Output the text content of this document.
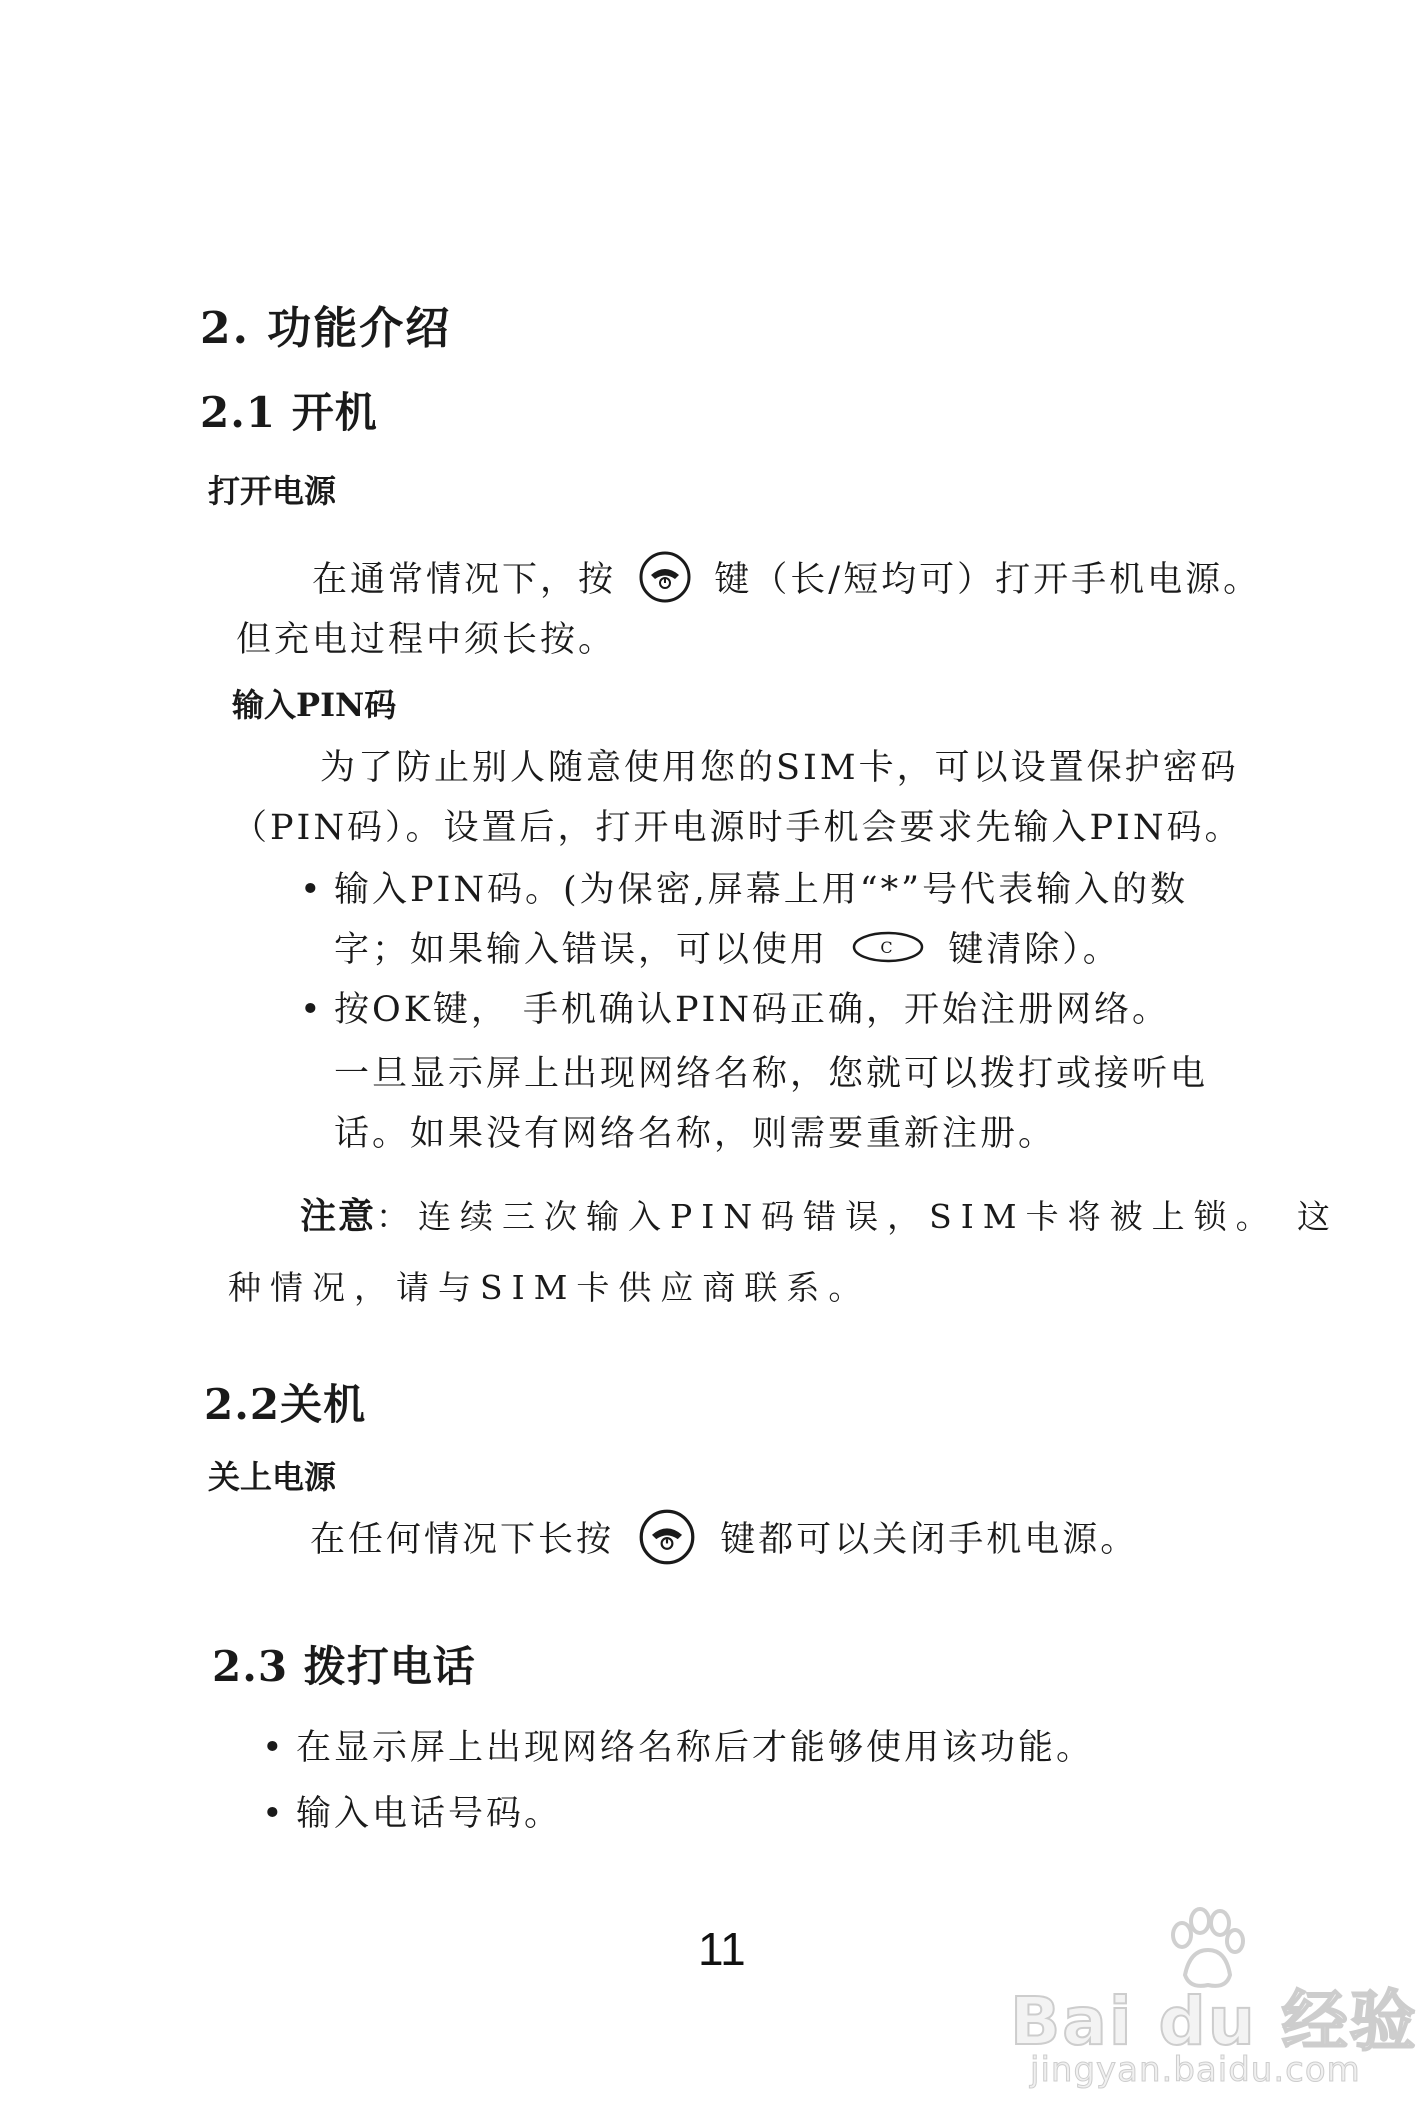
2. 功能介绍
2.1 开机
打开电源
在通常情况下，按	键（长/短均可）打开手机电源。
但充电过程中须长按。
输入PIN码
为了防止别人随意使用您的SIM卡，可以设置保护密码
（PIN码）。设置后，打开电源时手机会要求先输入PIN码。
• 输入PIN码。(为保密,屏幕上用“*”号代表输入的数
字；如果输入错误，可以使用	C 键清除）。
• 按OK键， 手机确认PIN码正确，开始注册网络。
一旦显示屏上出现网络名称，您就可以拨打或接听电
话。如果没有网络名称，则需要重新注册。
注意：连续三次输入PIN码错误，SIM卡将被上锁。 这
种情况，请与SIM卡供应商联系。
2.2关机
关上电源
在任何情况下长按	键都可以关闭手机电源。
2.3 拨打电话
• 在显示屏上出现网络名称后才能够使用该功能。
• 输入电话号码。
11
Bai du 经验
jingyan.baidu.com
